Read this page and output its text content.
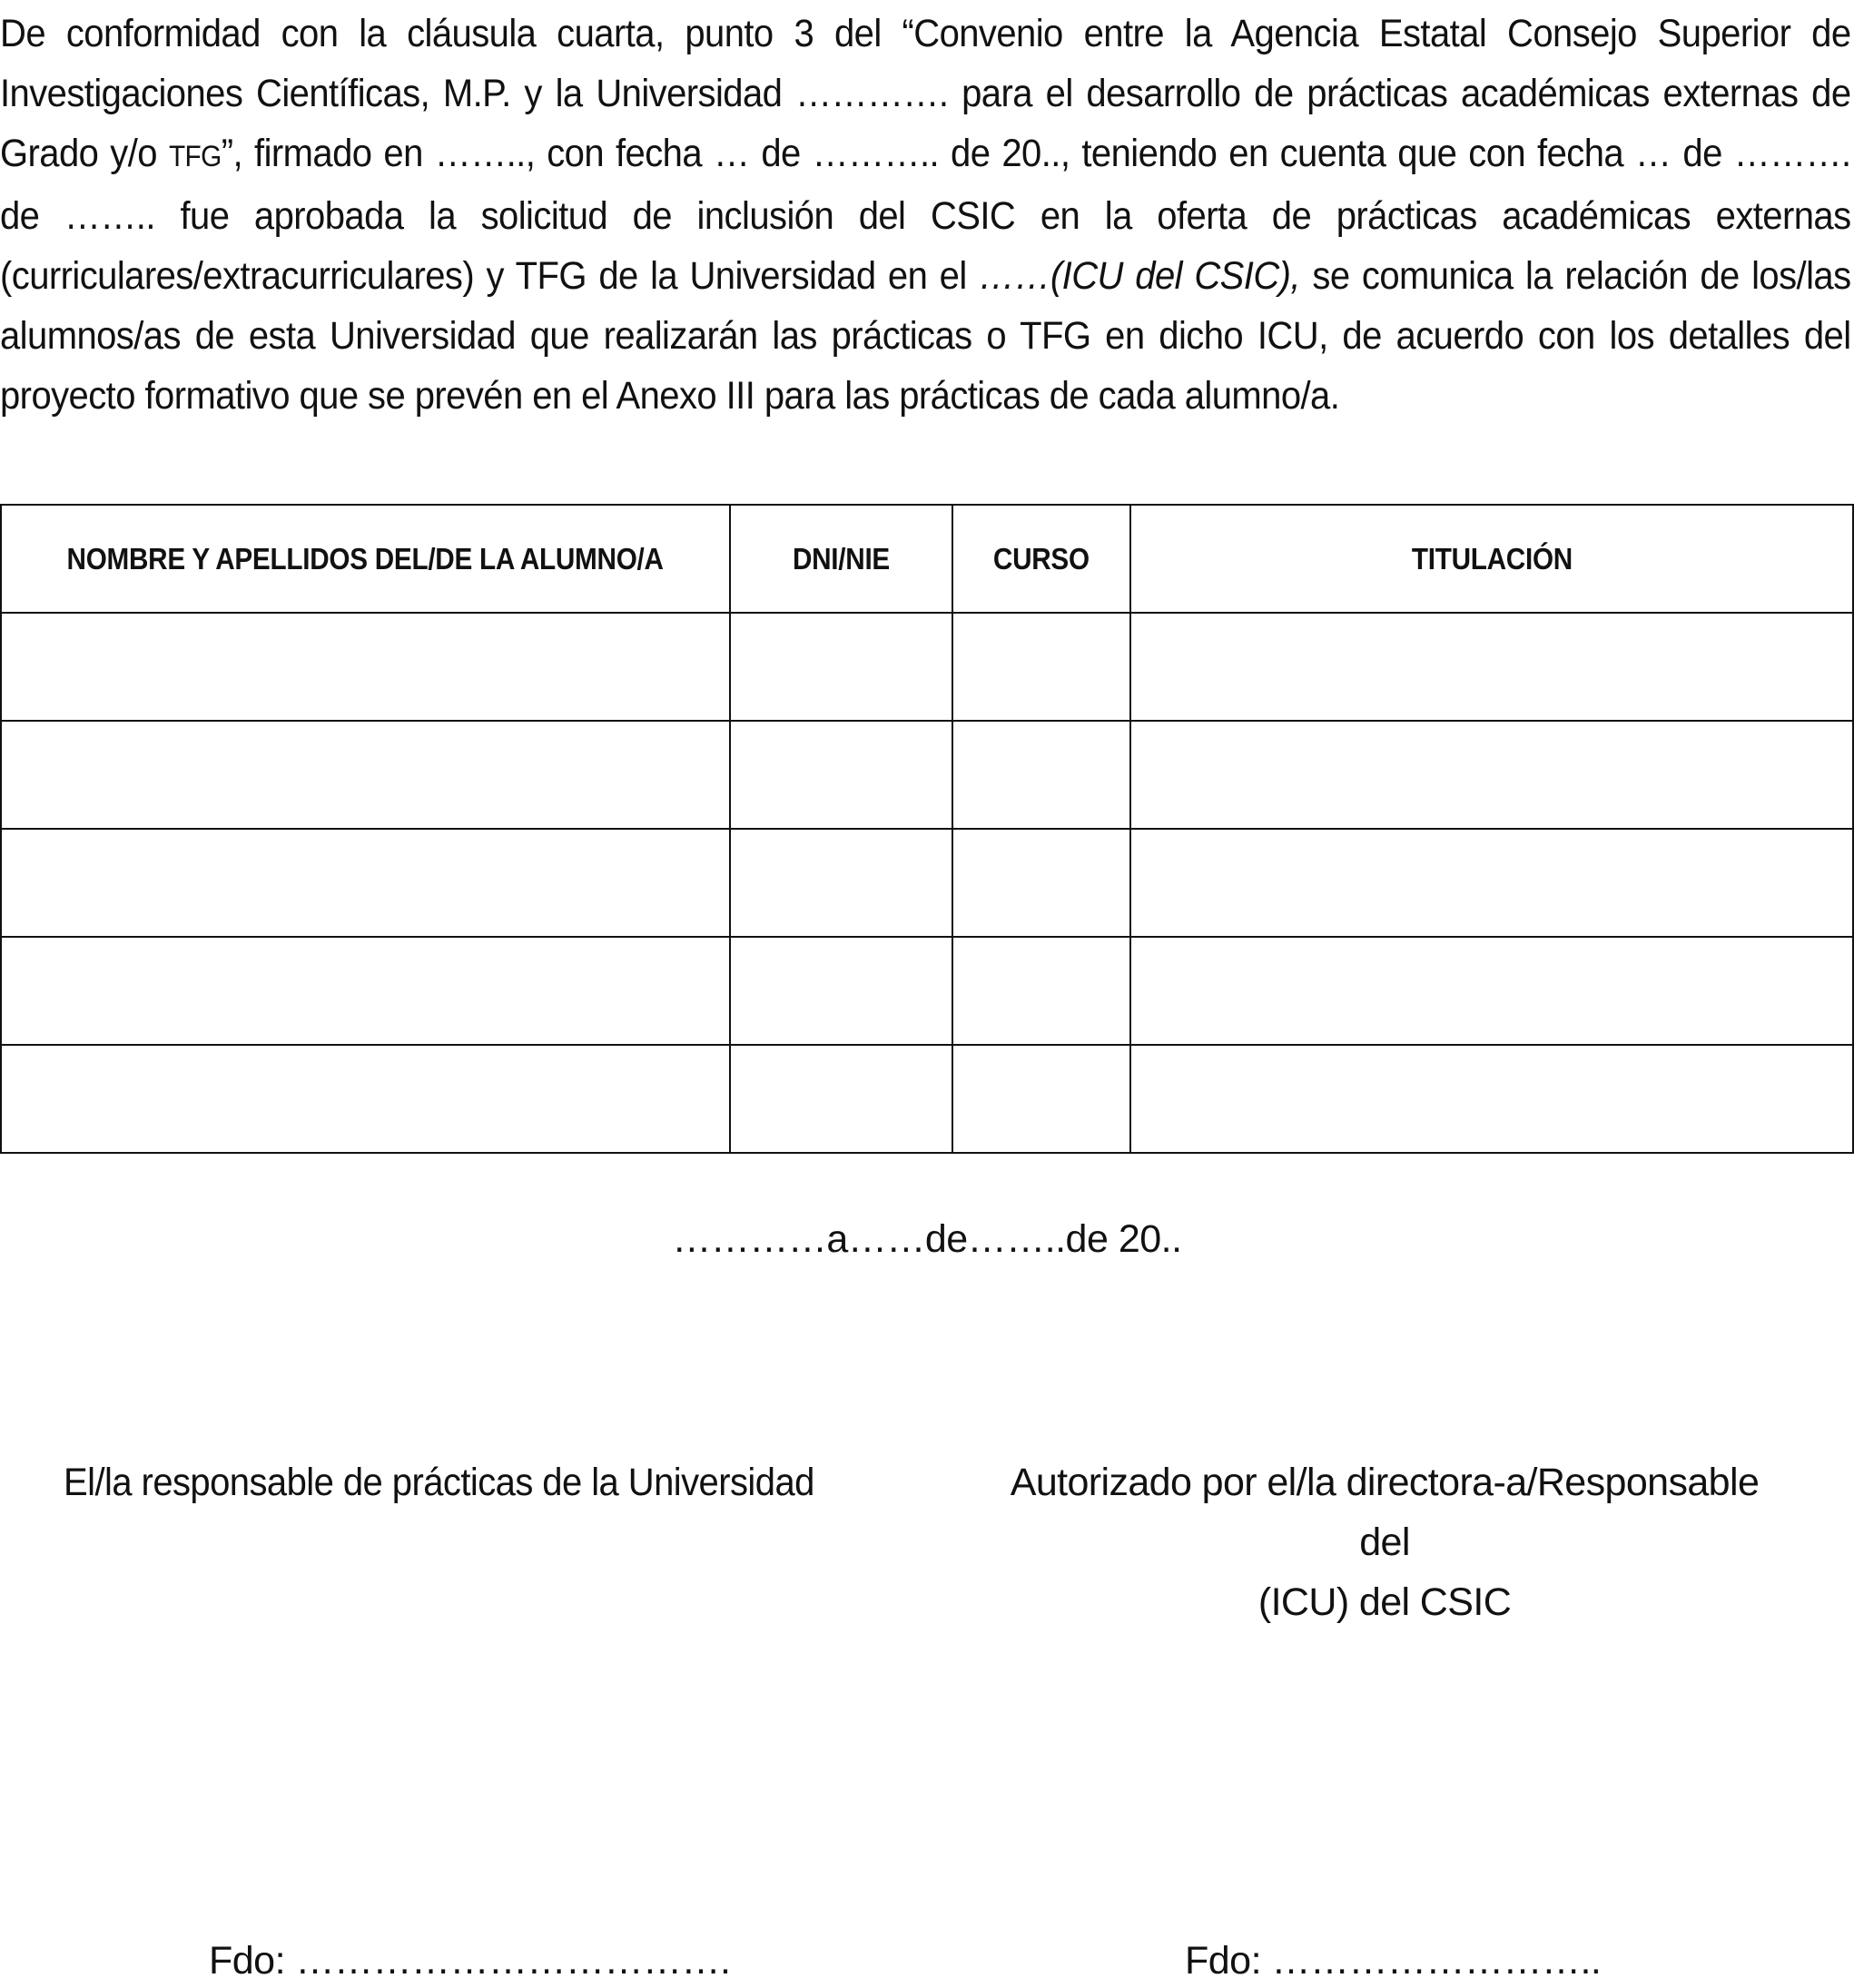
De conformidad con la cláusula cuarta, punto 3 del “Convenio entre la Agencia Estatal Consejo Superior de Investigaciones Científicas, M.P. y la Universidad …………. para el desarrollo de prácticas académicas externas de Grado y/o TFG”, firmado en …….., con fecha … de ……….. de 20.., teniendo en cuenta que con fecha … de ………. de …….. fue aprobada la solicitud de inclusión del CSIC en la oferta de prácticas académicas externas (curriculares/extracurriculares) y TFG de la Universidad en el ……(ICU del CSIC), se comunica la relación de los/las alumnos/as de esta Universidad que realizarán las prácticas o TFG en dicho ICU, de acuerdo con los detalles del proyecto formativo que se prevén en el Anexo III para las prácticas de cada alumno/a.

NOMBRE Y APELLIDOS DEL/DE LA ALUMNO/A	DNI/NIE	CURSO	TITULACIÓN

…………a……de……..de 20..
El/la responsable de prácticas de la Universidad	Autorizado por el/la directora-a/Responsable del
(ICU) del CSIC
Fdo: …………………………….	Fdo: ……………………..
